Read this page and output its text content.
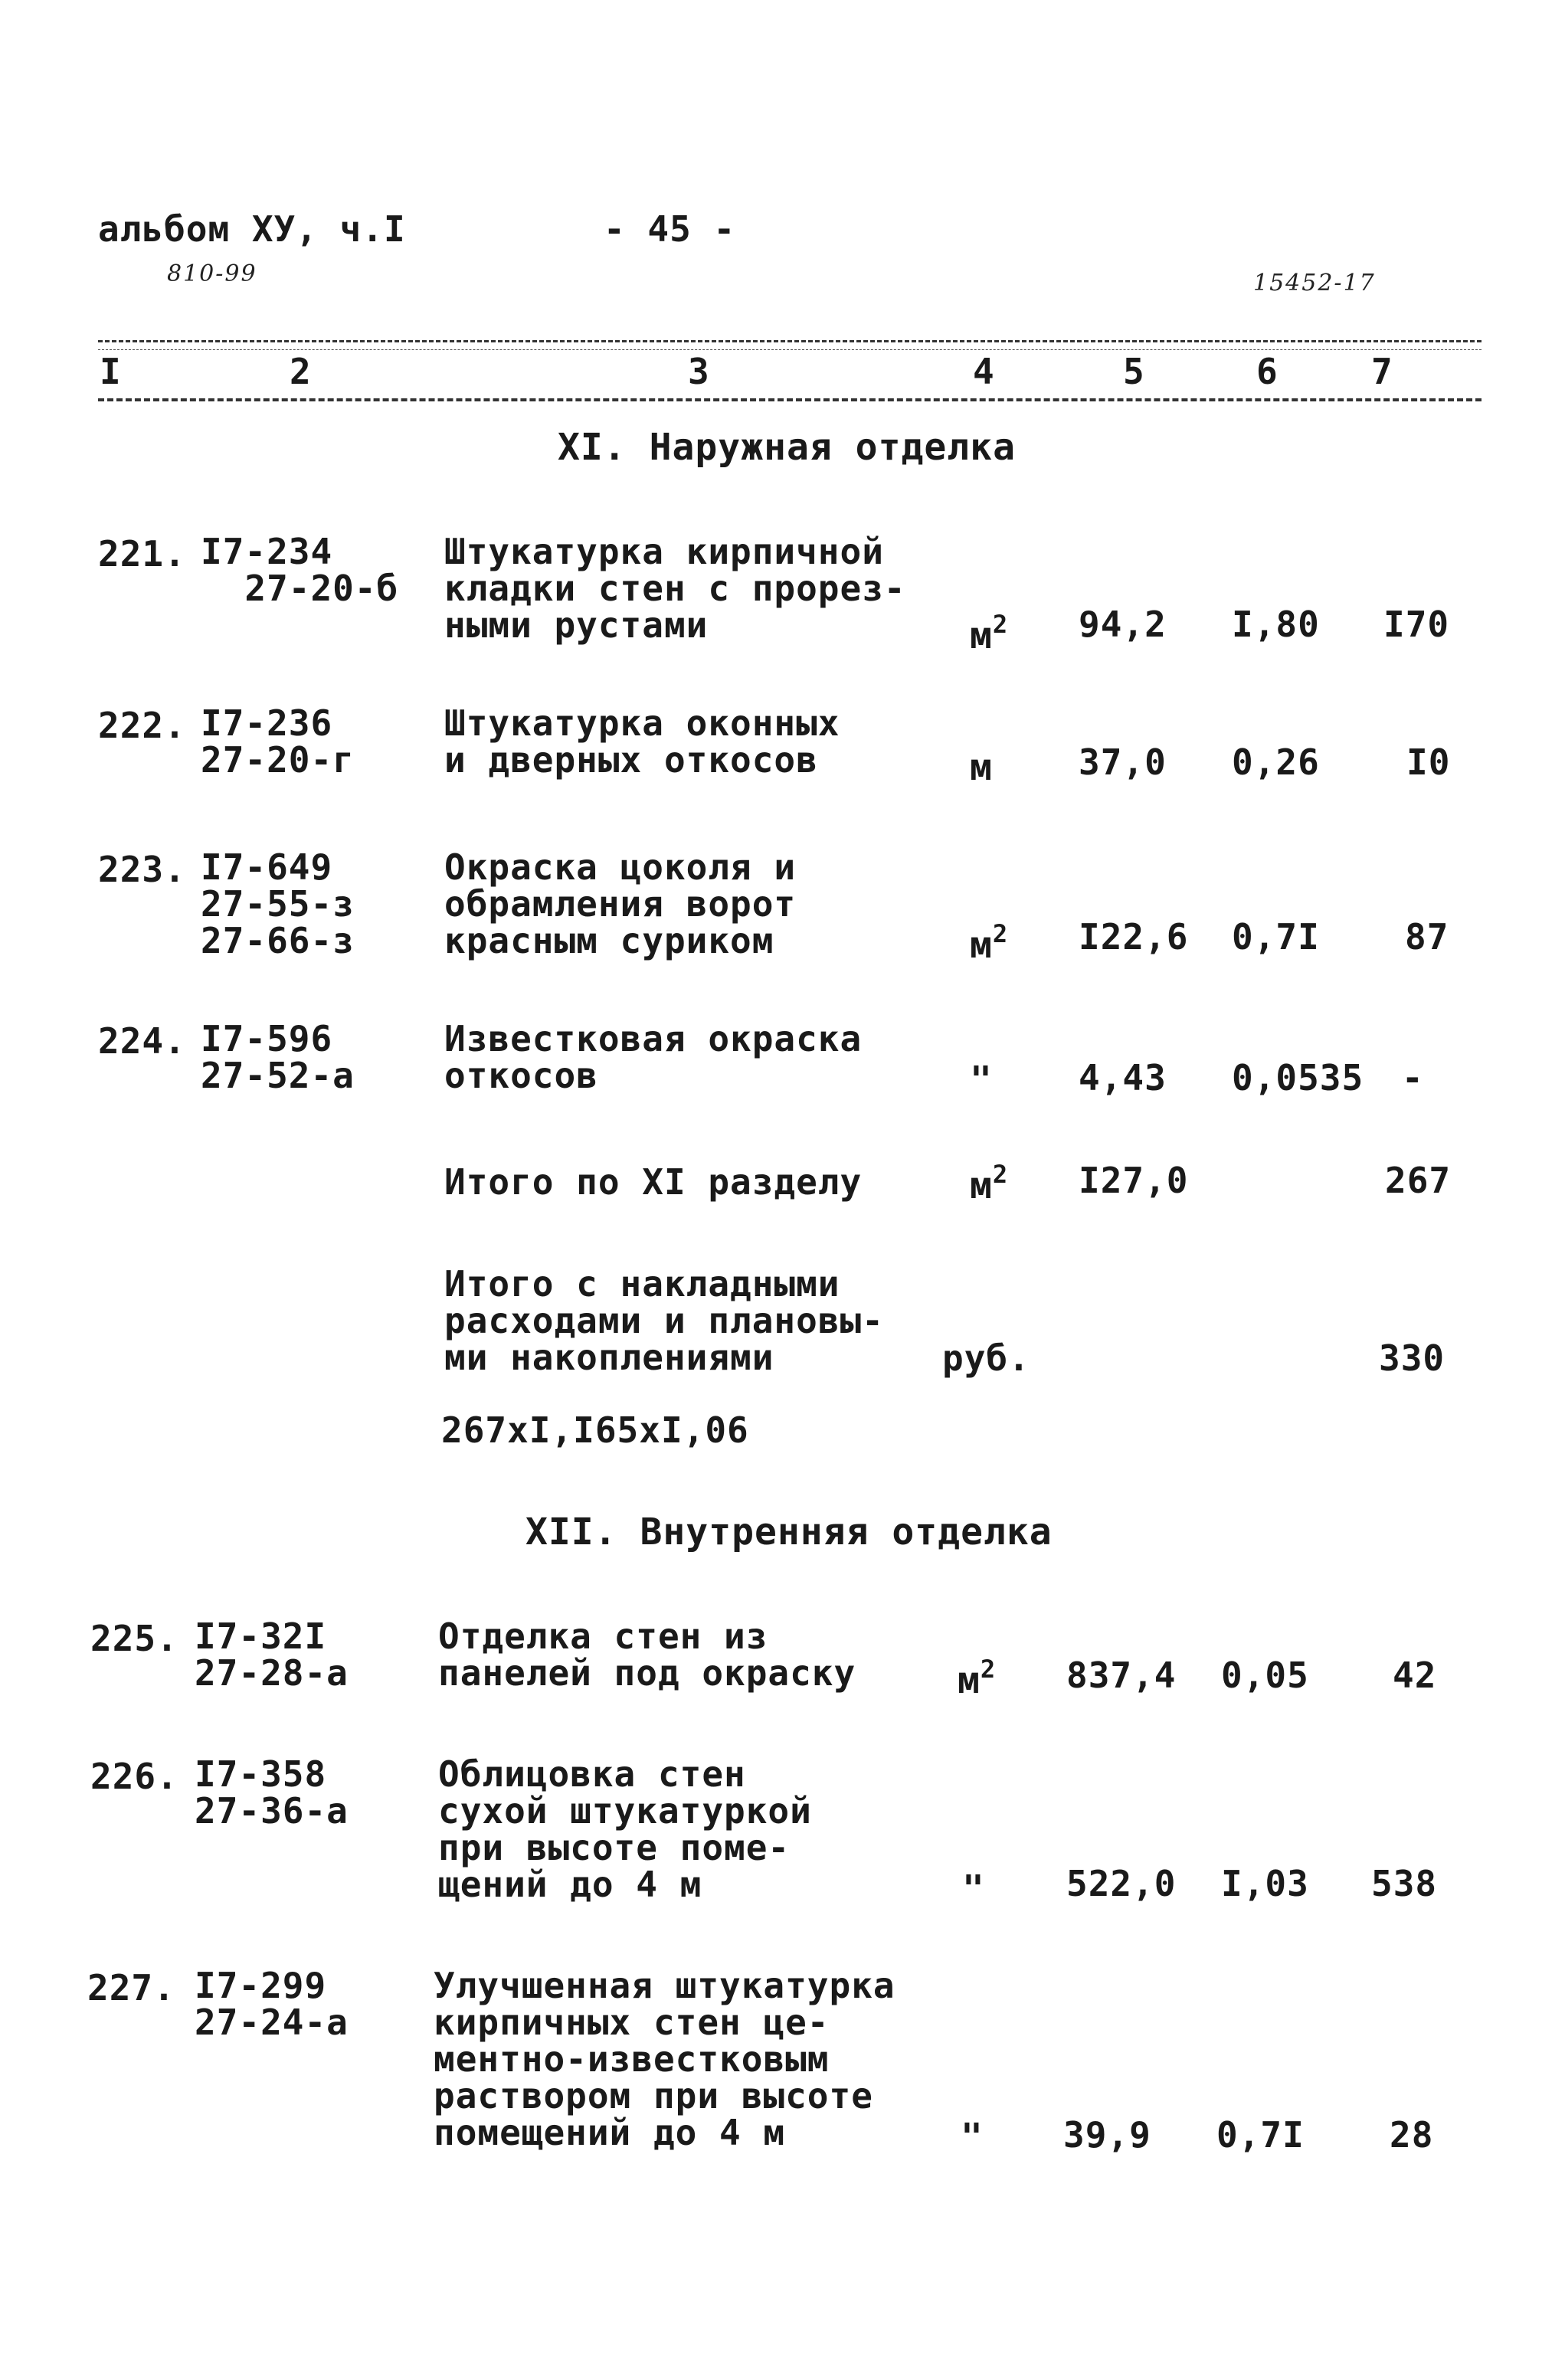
альбом ХУ, ч.I	- 45 -
810-99	15452-17
I	2	3	4	5	6	7
XI. Наружная отделка
221. I7-234
27-20-б
Штукатурка кирпичной
кладки стен с прорез-
ными рустами	$м^2$ 94,2 I,80 I70
222. I7-236
27-20-г
Штукатурка оконных
и дверных откосов	м 37,0 0,26 I0
223. I7-649
27-55-з
27-66-з
Окраска цоколя и
обрамления ворот
красным суриком	$м^2$ I22,6 0,7I 87
224. I7-596
27-52-а
Известковая окраска
откосов	" 4,43 0,0535 -
Итого по XI разделу	$м^2$ I27,0	267
Итого с накладными
расходами и плановы-
ми накоплениями	руб.	330
267хI,I65хI,06
XII. Внутренняя отделка
225. I7-32I
27-28-а
Отделка стен из
панелей под окраску	$м^2$ 837,4 0,05 42
226. I7-358
27-36-а
Облицовка стен
сухой штукатуркой
при высоте поме-
щений до 4 м	" 522,0 I,03 538
227. I7-299
27-24-а
Улучшенная штукатурка
кирпичных стен це-
ментно-известковым
раствором при высоте
помещений до 4 м	" 39,9 0,7I 28
